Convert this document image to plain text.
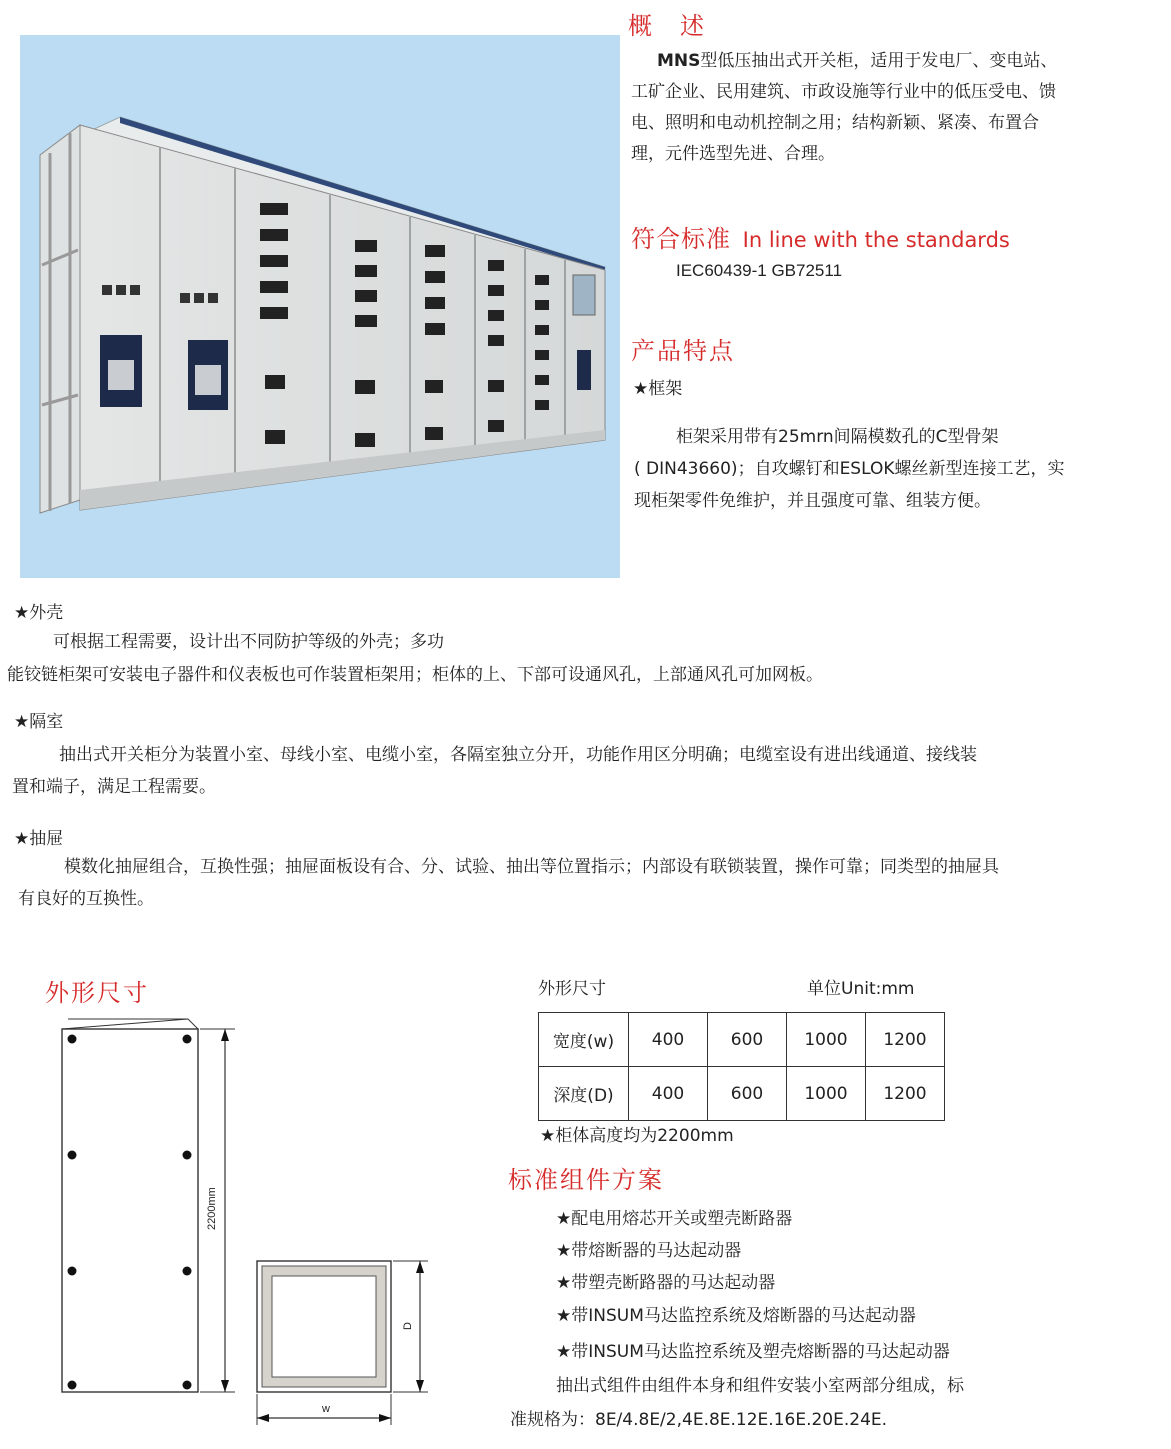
概　述
MNS型低压抽出式开关柜，适用于发电厂、变电站、
工矿企业、民用建筑、市政设施等行业中的低压受电、馈
电、照明和电动机控制之用；结构新颖、紧凑、布置合
理，元件选型先进、合理。
符合标准 In line with the standards
IEC60439-1 GB72511
产品特点
★框架
柜架采用带有25mrn间隔模数孔的C型骨架
( DIN43660)；自攻螺钉和ESLOK螺丝新型连接工艺，实
现柜架零件免维护，并且强度可靠、组装方便。
★外壳
可根据工程需要，设计出不同防护等级的外壳；多功
能铰链柜架可安装电子器件和仪表板也可作装置柜架用；柜体的上、下部可设通风孔，上部通风孔可加网板。
★隔室
抽出式开关柜分为装置小室、母线小室、电缆小室，各隔室独立分开，功能作用区分明确；电缆室设有进出线通道、接线装
置和端子，满足工程需要。
★抽屉
模数化抽屉组合，互换性强；抽屉面板设有合、分、试验、抽出等位置指示；内部设有联锁装置，操作可靠；同类型的抽屉具
有良好的互换性。
外形尺寸
2200mm
D
w
外形尺寸	单位Unit:mm
宽度(w)	400	600	1000	1200
深度(D)	400	600	1000	1200
★柜体高度均为2200mm
标准组件方案
★配电用熔芯开关或塑壳断路器
★带熔断器的马达起动器
★带塑壳断路器的马达起动器
★带INSUM马达监控系统及熔断器的马达起动器
★带INSUM马达监控系统及塑壳熔断器的马达起动器
抽出式组件由组件本身和组件安装小室两部分组成，标
准规格为：8E/4.8E/2,4E.8E.12E.16E.20E.24E.
